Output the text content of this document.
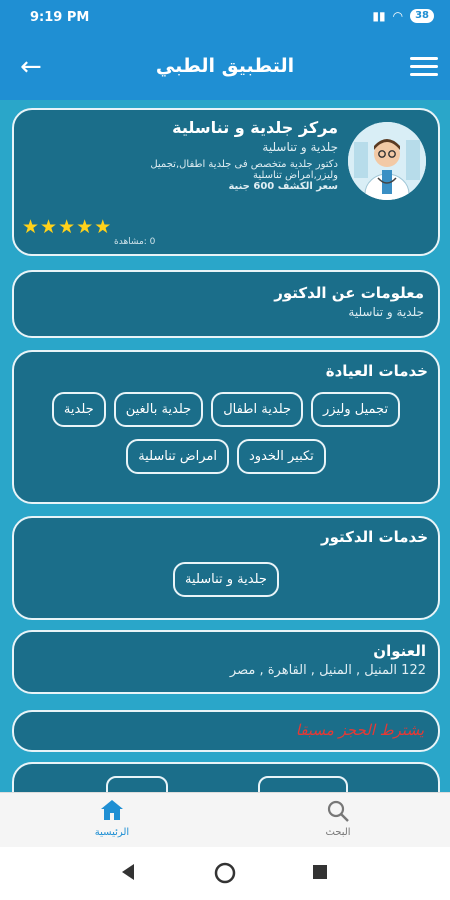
9:19 PM	▮▮ ◠	38
←	التطبيق الطبي
مركز جلدية و تناسلية
جلدية و تناسلية
دكتور جلدية متخصص فى جلدية اطفال,تجميل
وليزر,امراض تناسلية
سعر الكشف 600 جنية
★★★★★
0 :مشاهدة
معلومات عن الدكتور
جلدية و تناسلية
خدمات العيادة
تجميل وليزرجلدية اطفالجلدية بالغينجلدية
تكبير الخدودامراض تناسلية
خدمات الدكتور
جلدية و تناسلية
العنوان
122 المنيل , المنيل , القاهرة , مصر
يشترط الحجز مسبقا
الرئيسية	البحث
